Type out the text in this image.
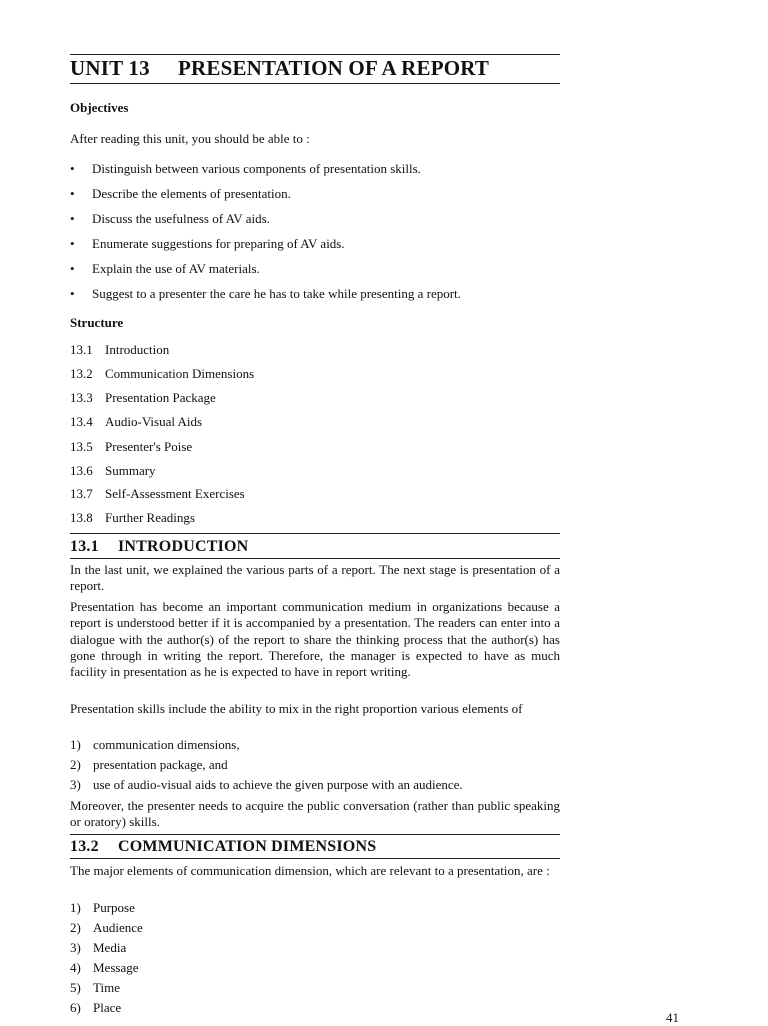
UNIT 13 PRESENTATION OF A REPORT
Objectives
After reading this unit, you should be able to :
• Distinguish between various components of presentation skills.
• Describe the elements of presentation.
• Discuss the usefulness of AV aids.
• Enumerate suggestions for preparing of AV aids.
• Explain the use of AV materials.
• Suggest to a presenter the care he has to take while presenting a report.
Structure
13.1 Introduction
13.2 Communication Dimensions
13.3 Presentation Package
13.4 Audio-Visual Aids
13.5 Presenter's Poise
13.6 Summary
13.7 Self-Assessment Exercises
13.8 Further Readings
13.1 INTRODUCTION
In the last unit, we explained the various parts of a report. The next stage is presentation of a report.
Presentation has become an important communication medium in organizations because a report is understood better if it is accompanied by a presentation. The readers can enter into a dialogue with the author(s) of the report to share the thinking process that the author(s) has gone through in writing the report. Therefore, the manager is expected to have as much facility in presentation as he is expected to have in report writing.
Presentation skills include the ability to mix in the right proportion various elements of
1) communication dimensions,
2) presentation package, and
3) use of audio-visual aids to achieve the given purpose with an audience.
Moreover, the presenter needs to acquire the public conversation (rather than public speaking or oratory) skills.
13.2 COMMUNICATION DIMENSIONS
The major elements of communication dimension, which are relevant to a presentation, are :
1) Purpose
2) Audience
3) Media
4) Message
5) Time
6) Place
41
